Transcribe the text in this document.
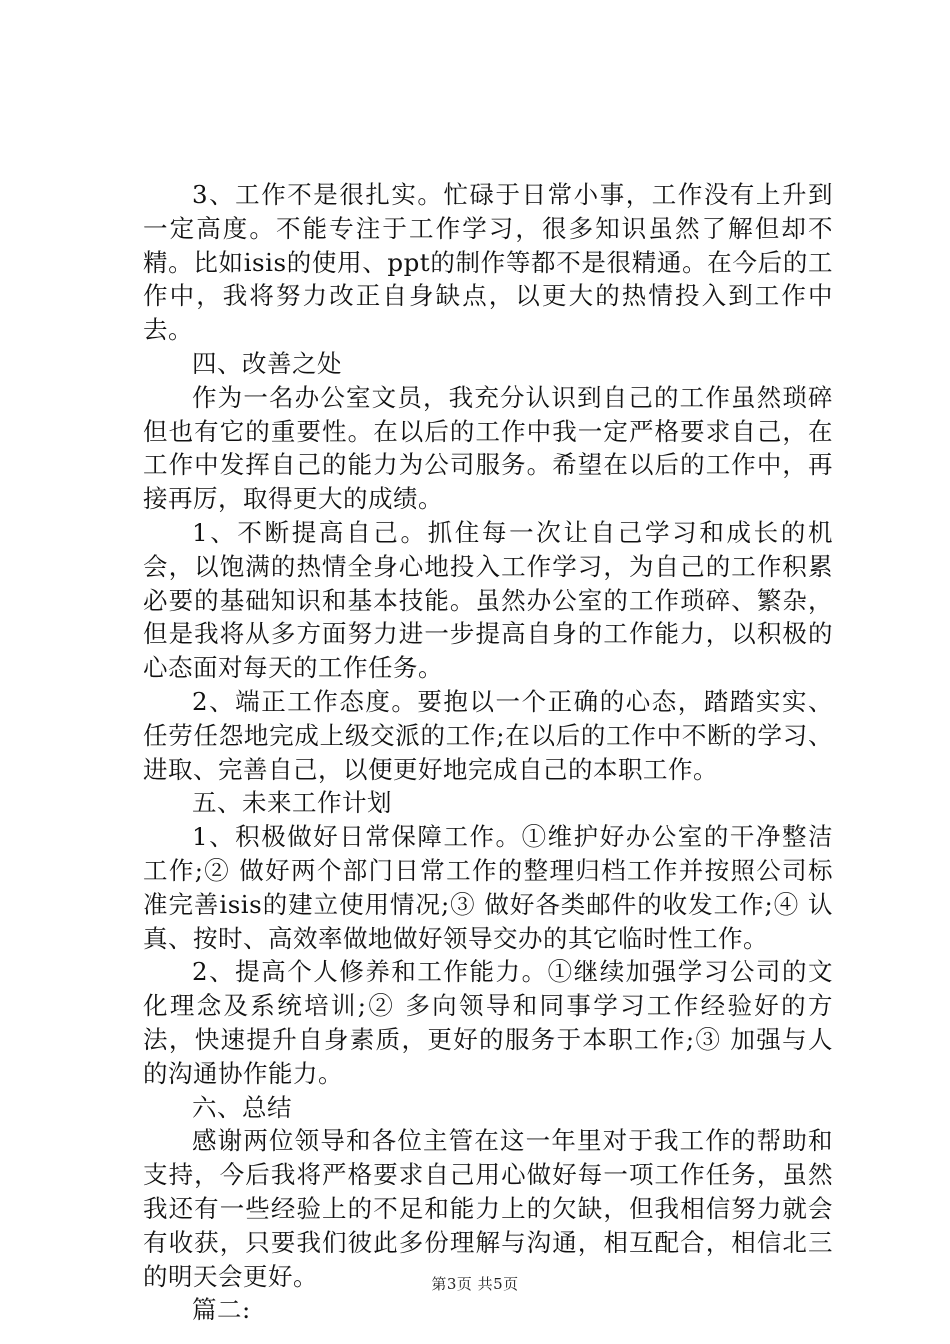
3、工作不是很扎实。忙碌于日常小事，工作没有上升到一定高度。不能专注于工作学习，很多知识虽然了解但却不精。比如isis的使用、ppt的制作等都不是很精通。在今后的工作中，我将努力改正自身缺点，以更大的热情投入到工作中去。

四、改善之处

作为一名办公室文员，我充分认识到自己的工作虽然琐碎但也有它的重要性。在以后的工作中我一定严格要求自己，在工作中发挥自己的能力为公司服务。希望在以后的工作中，再接再厉，取得更大的成绩。

1、不断提高自己。抓住每一次让自己学习和成长的机会，以饱满的热情全身心地投入工作学习，为自己的工作积累必要的基础知识和基本技能。虽然办公室的工作琐碎、繁杂，但是我将从多方面努力进一步提高自身的工作能力，以积极的心态面对每天的工作任务。

2、端正工作态度。要抱以一个正确的心态，踏踏实实、任劳任怨地完成上级交派的工作;在以后的工作中不断的学习、进取、完善自己，以便更好地完成自己的本职工作。

五、未来工作计划

1、积极做好日常保障工作。①维护好办公室的干净整洁工作;② 做好两个部门日常工作的整理归档工作并按照公司标准完善isis的建立使用情况;③ 做好各类邮件的收发工作;④ 认真、按时、高效率做地做好领导交办的其它临时性工作。

2、提高个人修养和工作能力。①继续加强学习公司的文化理念及系统培训;② 多向领导和同事学习工作经验好的方法，快速提升自身素质，更好的服务于本职工作;③ 加强与人的沟通协作能力。

六、总结

感谢两位领导和各位主管在这一年里对于我工作的帮助和支持，今后我将严格要求自己用心做好每一项工作任务，虽然我还有一些经验上的不足和能力上的欠缺，但我相信努力就会有收获，只要我们彼此多份理解与沟通，相互配合，相信北三的明天会更好。

篇二:

第3页 共5页
